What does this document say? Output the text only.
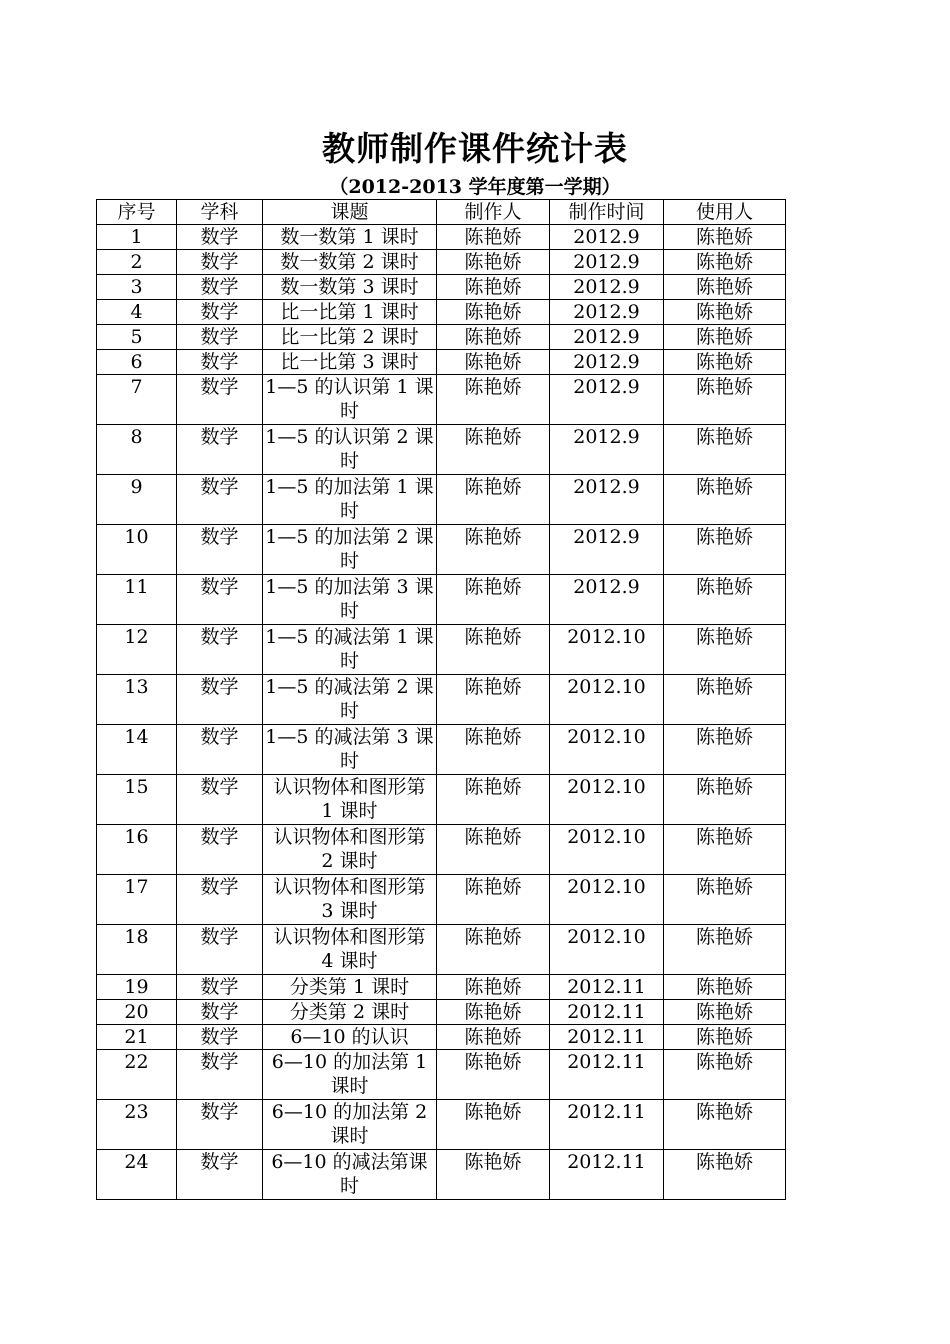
教师制作课件统计表
（2012-2013 学年度第一学期）
序号	学科	课题	制作人	制作时间	使用人
1	数学	数一数第 1 课时	陈艳娇	2012.9	陈艳娇
2	数学	数一数第 2 课时	陈艳娇	2012.9	陈艳娇
3	数学	数一数第 3 课时	陈艳娇	2012.9	陈艳娇
4	数学	比一比第 1 课时	陈艳娇	2012.9	陈艳娇
5	数学	比一比第 2 课时	陈艳娇	2012.9	陈艳娇
6	数学	比一比第 3 课时	陈艳娇	2012.9	陈艳娇
7	数学	1—5 的认识第 1 课时	陈艳娇	2012.9	陈艳娇
8	数学	1—5 的认识第 2 课时	陈艳娇	2012.9	陈艳娇
9	数学	1—5 的加法第 1 课时	陈艳娇	2012.9	陈艳娇
10	数学	1—5 的加法第 2 课时	陈艳娇	2012.9	陈艳娇
11	数学	1—5 的加法第 3 课时	陈艳娇	2012.9	陈艳娇
12	数学	1—5 的减法第 1 课时	陈艳娇	2012.10	陈艳娇
13	数学	1—5 的减法第 2 课时	陈艳娇	2012.10	陈艳娇
14	数学	1—5 的减法第 3 课时	陈艳娇	2012.10	陈艳娇
15	数学	认识物体和图形第 1 课时	陈艳娇	2012.10	陈艳娇
16	数学	认识物体和图形第 2 课时	陈艳娇	2012.10	陈艳娇
17	数学	认识物体和图形第 3 课时	陈艳娇	2012.10	陈艳娇
18	数学	认识物体和图形第 4 课时	陈艳娇	2012.10	陈艳娇
19	数学	分类第 1 课时	陈艳娇	2012.11	陈艳娇
20	数学	分类第 2 课时	陈艳娇	2012.11	陈艳娇
21	数学	6—10 的认识	陈艳娇	2012.11	陈艳娇
22	数学	6—10 的加法第 1 课时	陈艳娇	2012.11	陈艳娇
23	数学	6—10 的加法第 2 课时	陈艳娇	2012.11	陈艳娇
24	数学	6—10 的减法第课时	陈艳娇	2012.11	陈艳娇
